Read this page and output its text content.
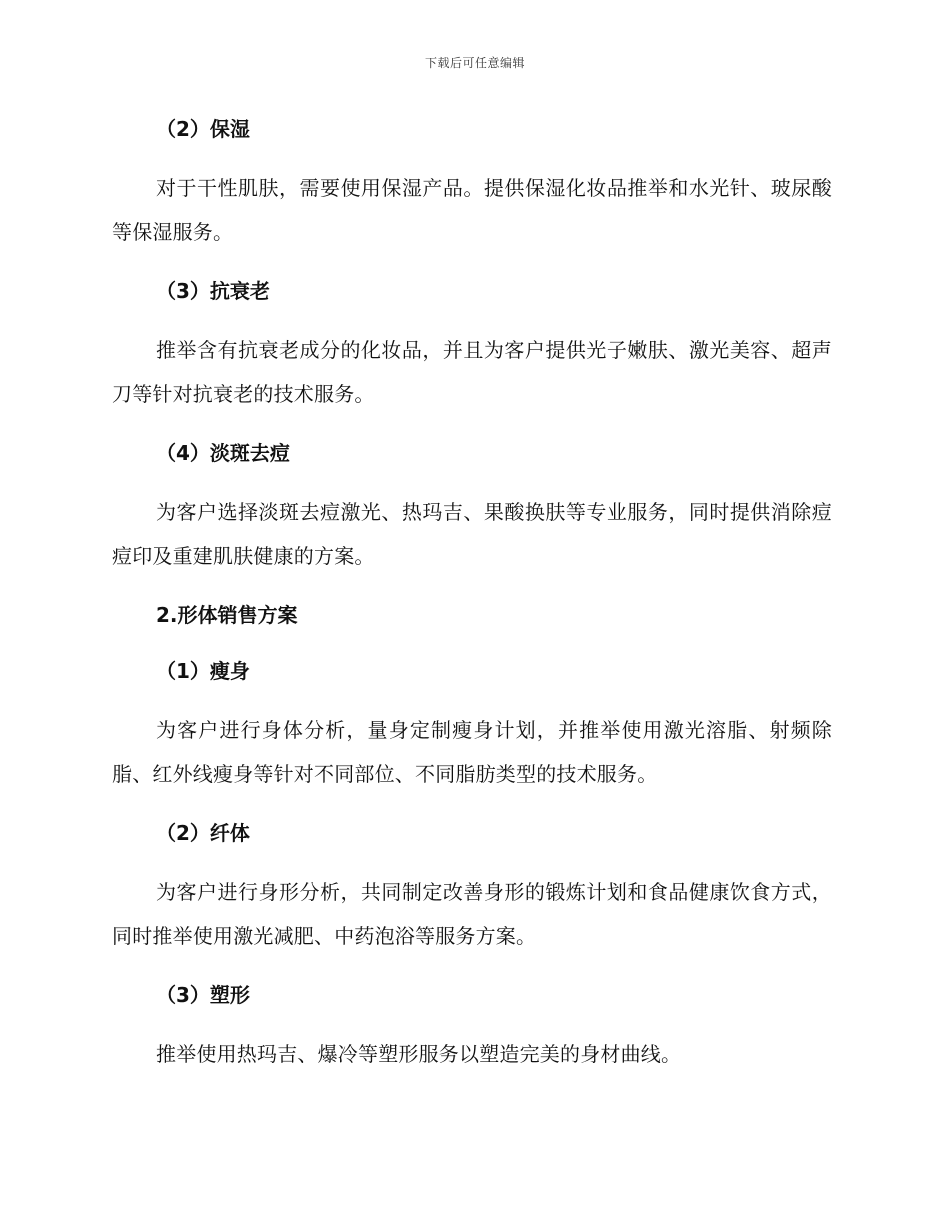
下载后可任意编辑

（2）保湿

对于干性肌肤，需要使用保湿产品。提供保湿化妆品推举和水光针、玻尿酸等保湿服务。

（3）抗衰老

推举含有抗衰老成分的化妆品，并且为客户提供光子嫩肤、激光美容、超声刀等针对抗衰老的技术服务。

（4）淡斑去痘

为客户选择淡斑去痘激光、热玛吉、果酸换肤等专业服务，同时提供消除痘痘印及重建肌肤健康的方案。

2.形体销售方案

（1）瘦身

为客户进行身体分析，量身定制瘦身计划，并推举使用激光溶脂、射频除脂、红外线瘦身等针对不同部位、不同脂肪类型的技术服务。

（2）纤体

为客户进行身形分析，共同制定改善身形的锻炼计划和食品健康饮食方式，同时推举使用激光减肥、中药泡浴等服务方案。

（3）塑形

推举使用热玛吉、爆冷等塑形服务以塑造完美的身材曲线。
